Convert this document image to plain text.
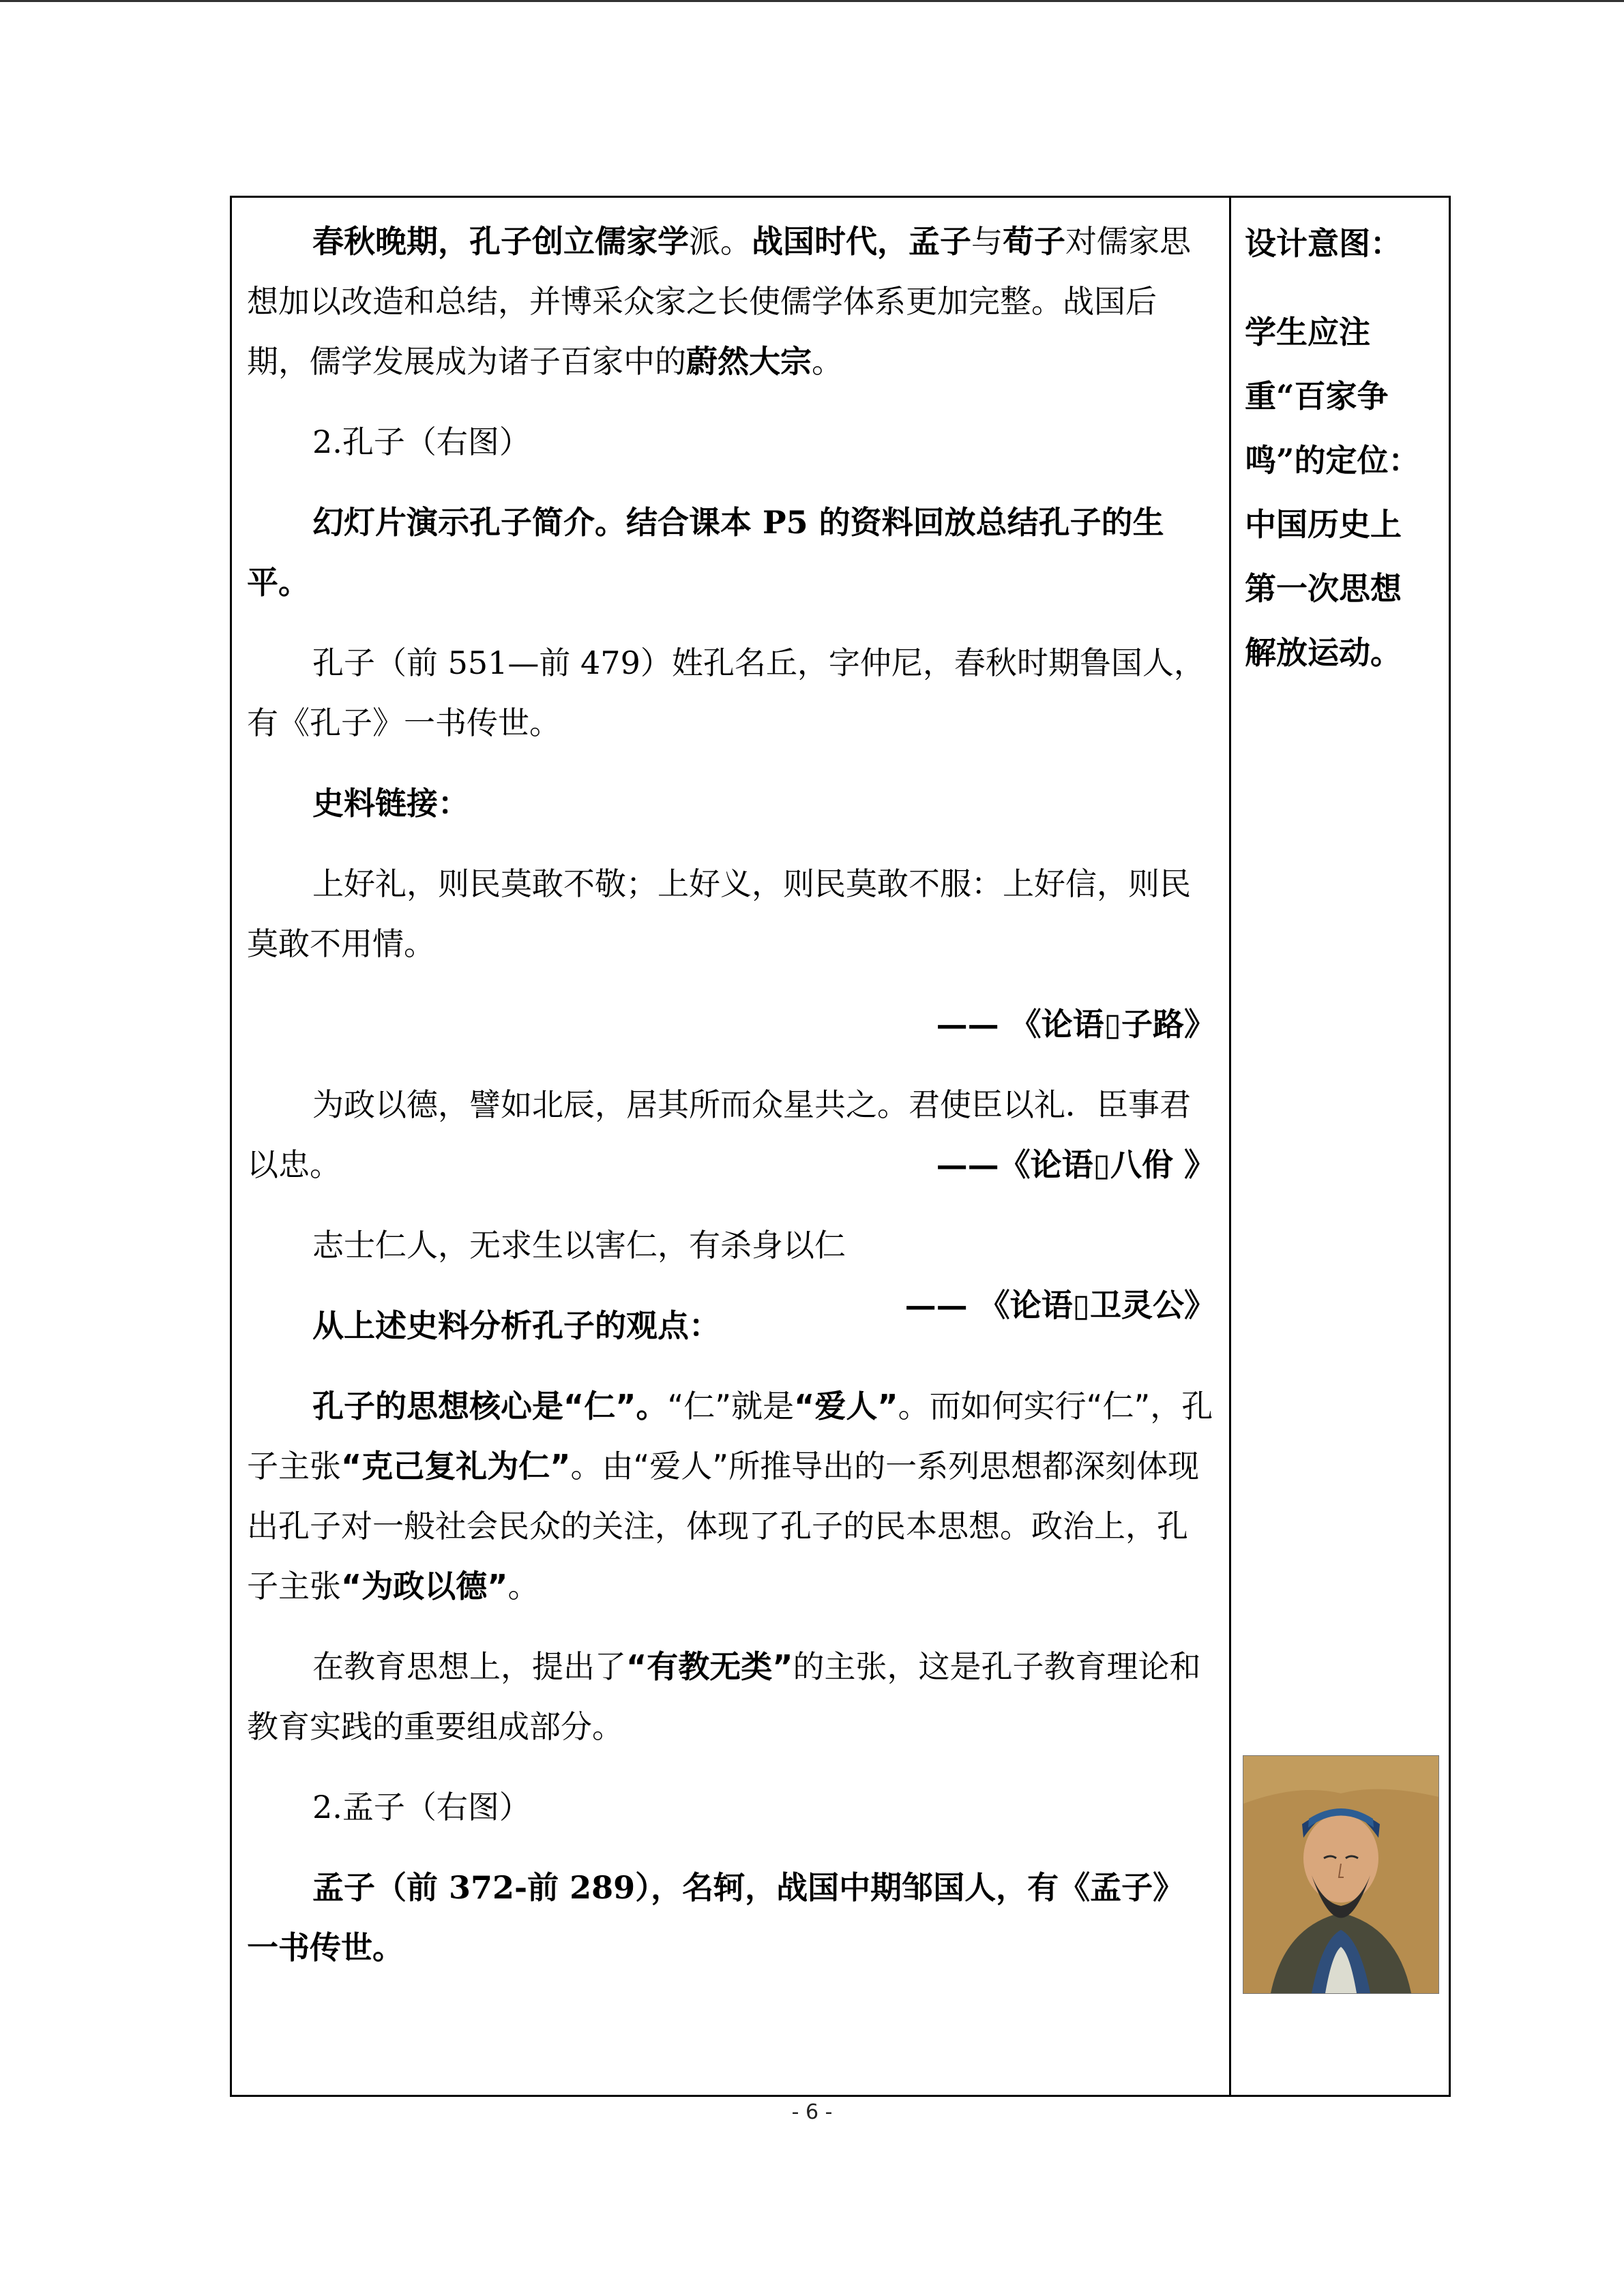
春秋晚期，孔子创立儒家学派。战国时代，孟子与荀子对儒家思想加以改造和总结，并博采众家之长使儒学体系更加完整。战国后期，儒学发展成为诸子百家中的蔚然大宗。

2.孔子（右图）

幻灯片演示孔子简介。结合课本 P5 的资料回放总结孔子的生平。

孔子（前 551—前 479）姓孔名丘，字仲尼，春秋时期鲁国人，有《孔子》一书传世。

史料链接：

上好礼，则民莫敢不敬；上好义，则民莫敢不服：上好信，则民莫敢不用情。

—— 《论语▯子路》

为政以德，譬如北辰，居其所而众星共之。君使臣以礼．臣事君以忠。	——《论语▯八佾 》

志士仁人，无求生以害仁，有杀身以仁
—— 《论语▯卫灵公》

从上述史料分析孔子的观点：

孔子的思想核心是“仁”。“仁”就是“爱人”。而如何实行“仁”，孔子主张“克己复礼为仁”。由“爱人”所推导出的一系列思想都深刻体现出孔子对一般社会民众的关注，体现了孔子的民本思想。政治上，孔子主张“为政以德”。

在教育思想上，提出了“有教无类”的主张，这是孔子教育理论和教育实践的重要组成部分。

2.孟子（右图）

孟子（前 372-前 289），名轲，战国中期邹国人，有《孟子》一书传世。

设计意图：

学生应注重“百家争鸣”的定位：中国历史上第一次思想解放运动。

- 6 -
